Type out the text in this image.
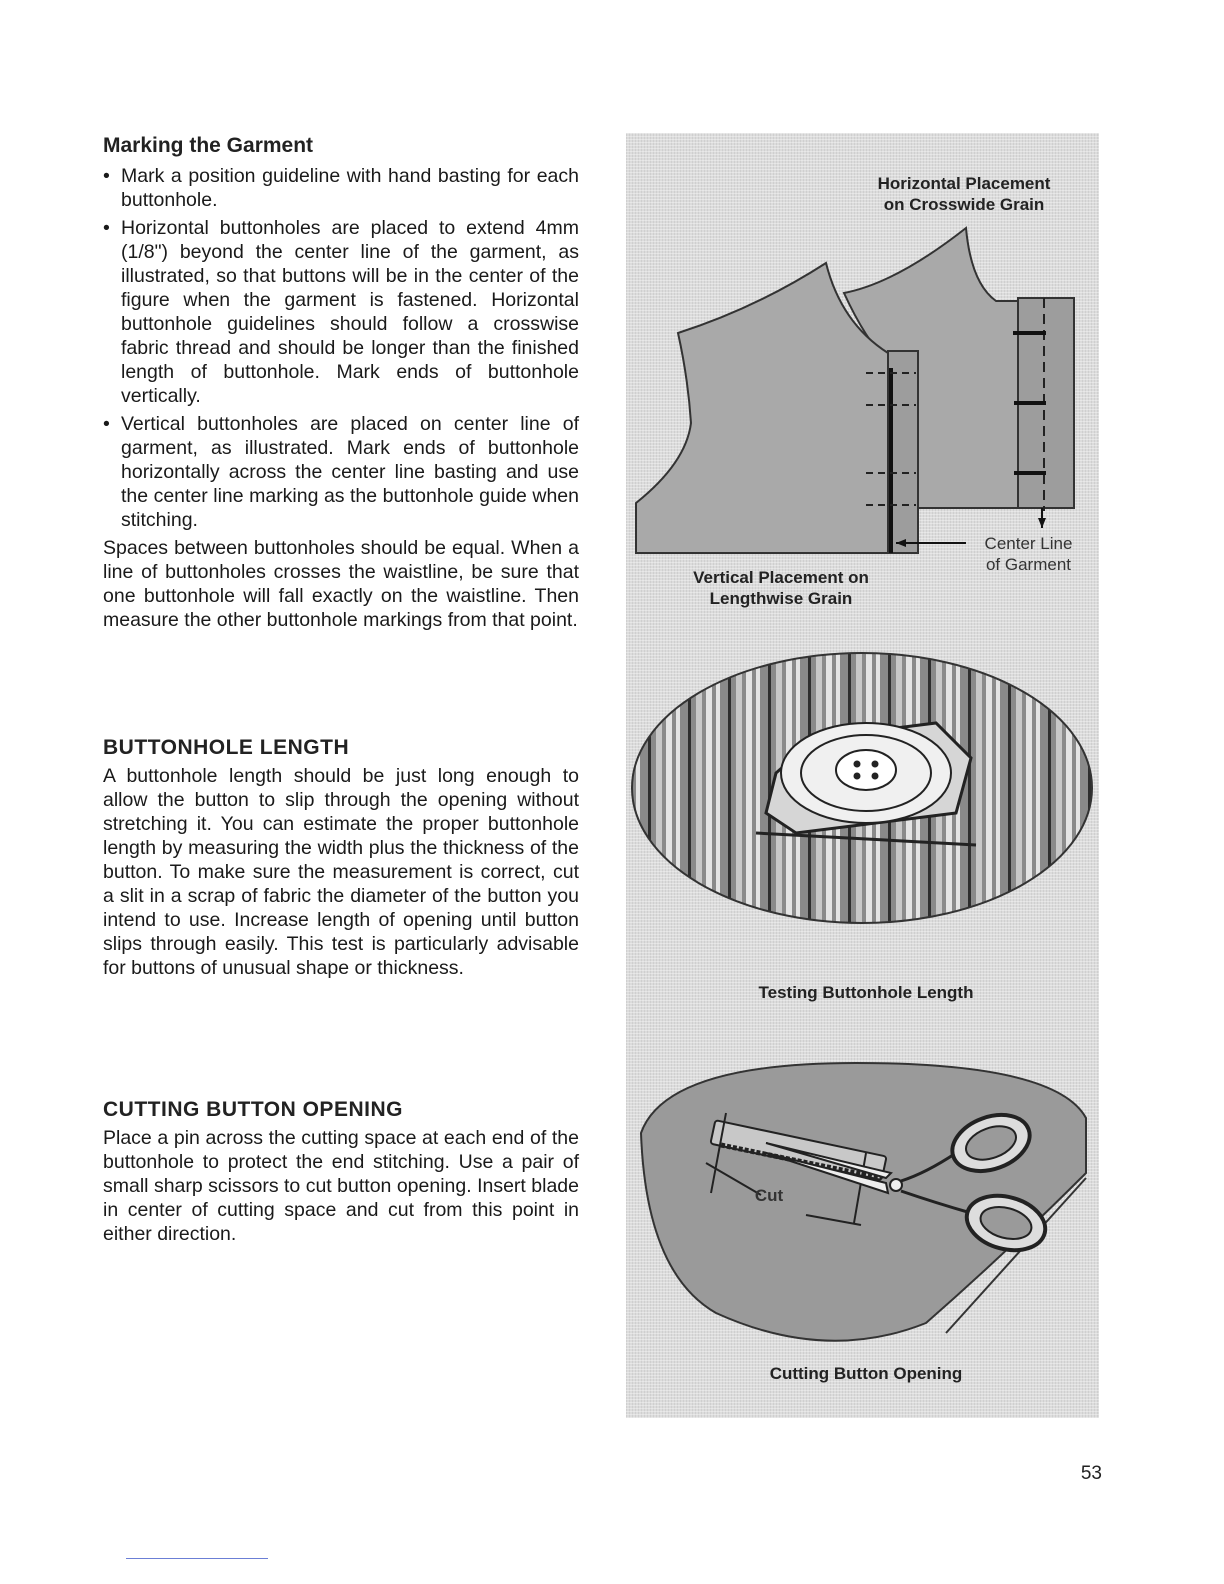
Marking the Garment
• Mark a position guideline with hand basting for each buttonhole.
• Horizontal buttonholes are placed to extend 4mm (1/8") beyond the center line of the garment, as illustrated, so that buttons will be in the center of the figure when the garment is fastened. Horizontal buttonhole guidelines should follow a crosswise fabric thread and should be longer than the finished length of buttonhole. Mark ends of buttonhole vertically.
• Vertical buttonholes are placed on center line of garment, as illustrated. Mark ends of buttonhole horizontally across the center line basting and use the center line marking as the buttonhole guide when stitching.

Spaces between buttonholes should be equal. When a line of buttonholes crosses the waistline, be sure that one buttonhole will fall exactly on the waistline. Then measure the other buttonhole markings from that point.

BUTTONHOLE LENGTH

A buttonhole length should be just long enough to allow the button to slip through the opening without stretching it. You can estimate the proper buttonhole length by measuring the width plus the thickness of the button. To make sure the measurement is correct, cut a slit in a scrap of fabric the diameter of the button you intend to use. Increase length of opening until button slips through easily. This test is particularly advisable for buttons of unusual shape or thickness.

CUTTING BUTTON OPENING

Place a pin across the cutting space at each end of the buttonhole to protect the end stitching. Use a pair of small sharp scissors to cut button opening. Insert blade in center of cutting space and cut from this point in either direction.

Horizontal Placement
on Crosswide Grain
Center Line
of Garment
Vertical Placement on
Lengthwise Grain
Testing Buttonhole Length
Cut
Cutting Button Opening
53
